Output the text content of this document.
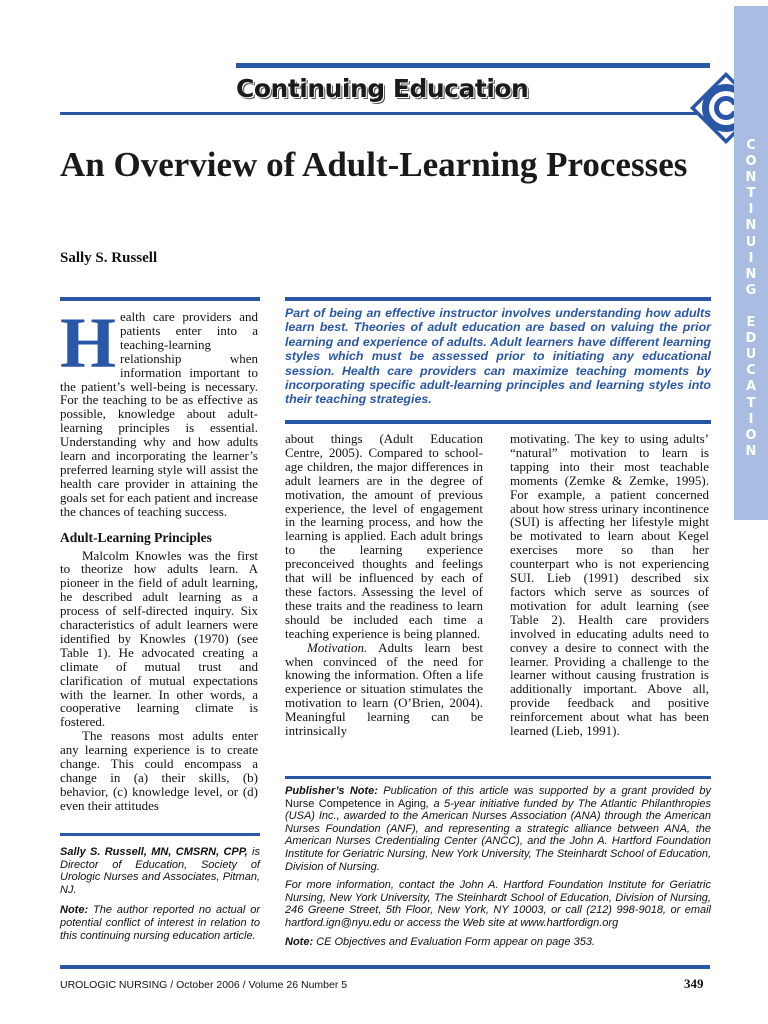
Continuing Education
C
O
N
T
I
N
U
I
N
G

E
D
U
C
A
T
I
O
N
An Overview of Adult-Learning Processes
Sally S. Russell

Health care providers and patients enter into a teaching-learning relationship when information important to the patient’s well-being is necessary. For the teaching to be as effective as possible, knowledge about adult-learning principles is essential. Understanding why and how adults learn and incorporating the learner’s preferred learning style will assist the health care provider in attaining the goals set for each patient and increase the chances of teaching success.

Adult-Learning Principles

Malcolm Knowles was the first to theorize how adults learn. A pioneer in the field of adult learning, he described adult learning as a process of self-directed inquiry. Six characteristics of adult learners were identified by Knowles (1970) (see Table 1). He advocated creating a climate of mutual trust and clarification of mutual expectations with the learner. In other words, a cooperative learning climate is fostered.

The reasons most adults enter any learning experience is to create change. This could encompass a change in (a) their skills, (b) behavior, (c) knowledge level, or (d) even their attitudes

Sally S. Russell, MN, CMSRN, CPP, is Director of Education, Society of Urologic Nurses and Associates, Pitman, NJ.

Note: The author reported no actual or potential conflict of interest in relation to this continuing nursing education article.

Part of being an effective instructor involves understanding how adults learn best. Theories of adult education are based on valuing the prior learning and experience of adults. Adult learners have different learning styles which must be assessed prior to initiating any educational session. Health care providers can maximize teaching moments by incorporating specific adult-learning principles and learning styles into their teaching strategies.

about things (Adult Education Centre, 2005). Compared to school-age children, the major differences in adult learners are in the degree of motivation, the amount of previous experience, the level of engagement in the learning process, and how the learning is applied. Each adult brings to the learning experience preconceived thoughts and feelings that will be influenced by each of these factors. Assessing the level of these traits and the readiness to learn should be included each time a teaching experience is being planned.

Motivation. Adults learn best when convinced of the need for knowing the information. Often a life experience or situation stimulates the motivation to learn (O’Brien, 2004). Meaningful learning can be intrinsically

motivating. The key to using adults’ “natural” motivation to learn is tapping into their most teachable moments (Zemke & Zemke, 1995). For example, a patient concerned about how stress urinary incontinence (SUI) is affecting her lifestyle might be motivated to learn about Kegel exercises more so than her counterpart who is not experiencing SUI. Lieb (1991) described six factors which serve as sources of motivation for adult learning (see Table 2). Health care providers involved in educating adults need to convey a desire to connect with the learner. Providing a challenge to the learner without causing frustration is additionally important. Above all, provide feedback and positive reinforcement about what has been learned (Lieb, 1991).

Publisher’s Note: Publication of this article was supported by a grant provided by Nurse Competence in Aging, a 5-year initiative funded by The Atlantic Philanthropies (USA) Inc., awarded to the American Nurses Association (ANA) through the American Nurses Foundation (ANF), and representing a strategic alliance between ANA, the American Nurses Credentialing Center (ANCC), and the John A. Hartford Foundation Institute for Geriatric Nursing, New York University, The Steinhardt School of Education, Division of Nursing.

For more information, contact the John A. Hartford Foundation Institute for Geriatric Nursing, New York University, The Steinhardt School of Education, Division of Nursing, 246 Greene Street, 5th Floor, New York, NY 10003, or call (212) 998-9018, or email hartford.ign@nyu.edu or access the Web site at www.hartfordign.org

Note: CE Objectives and Evaluation Form appear on page 353.

UROLOGIC NURSING / October 2006 / Volume 26 Number 5	349
